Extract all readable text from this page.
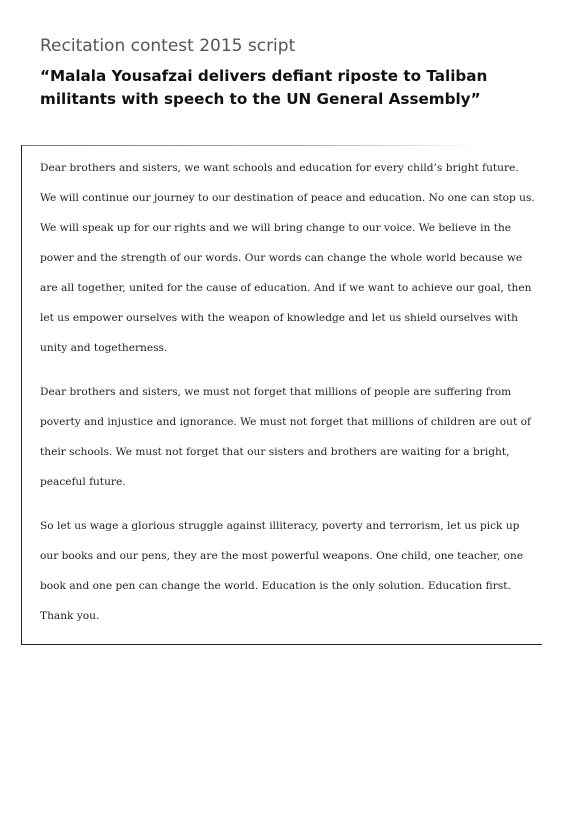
Recitation contest 2015 script
“Malala Yousafzai delivers defiant riposte to Taliban militants with speech to the UN General Assembly”

Dear brothers and sisters, we want schools and education for every child’s bright future. We will continue our journey to our destination of peace and education. No one can stop us. We will speak up for our rights and we will bring change to our voice. We believe in the power and the strength of our words. Our words can change the whole world because we are all together, united for the cause of education. And if we want to achieve our goal, then let us empower ourselves with the weapon of knowledge and let us shield ourselves with unity and togetherness.

Dear brothers and sisters, we must not forget that millions of people are suffering from poverty and injustice and ignorance. We must not forget that millions of children are out of their schools. We must not forget that our sisters and brothers are waiting for a bright, peaceful future.

So let us wage a glorious struggle against illiteracy, poverty and terrorism, let us pick up our books and our pens, they are the most powerful weapons. One child, one teacher, one book and one pen can change the world. Education is the only solution. Education first. Thank you.
